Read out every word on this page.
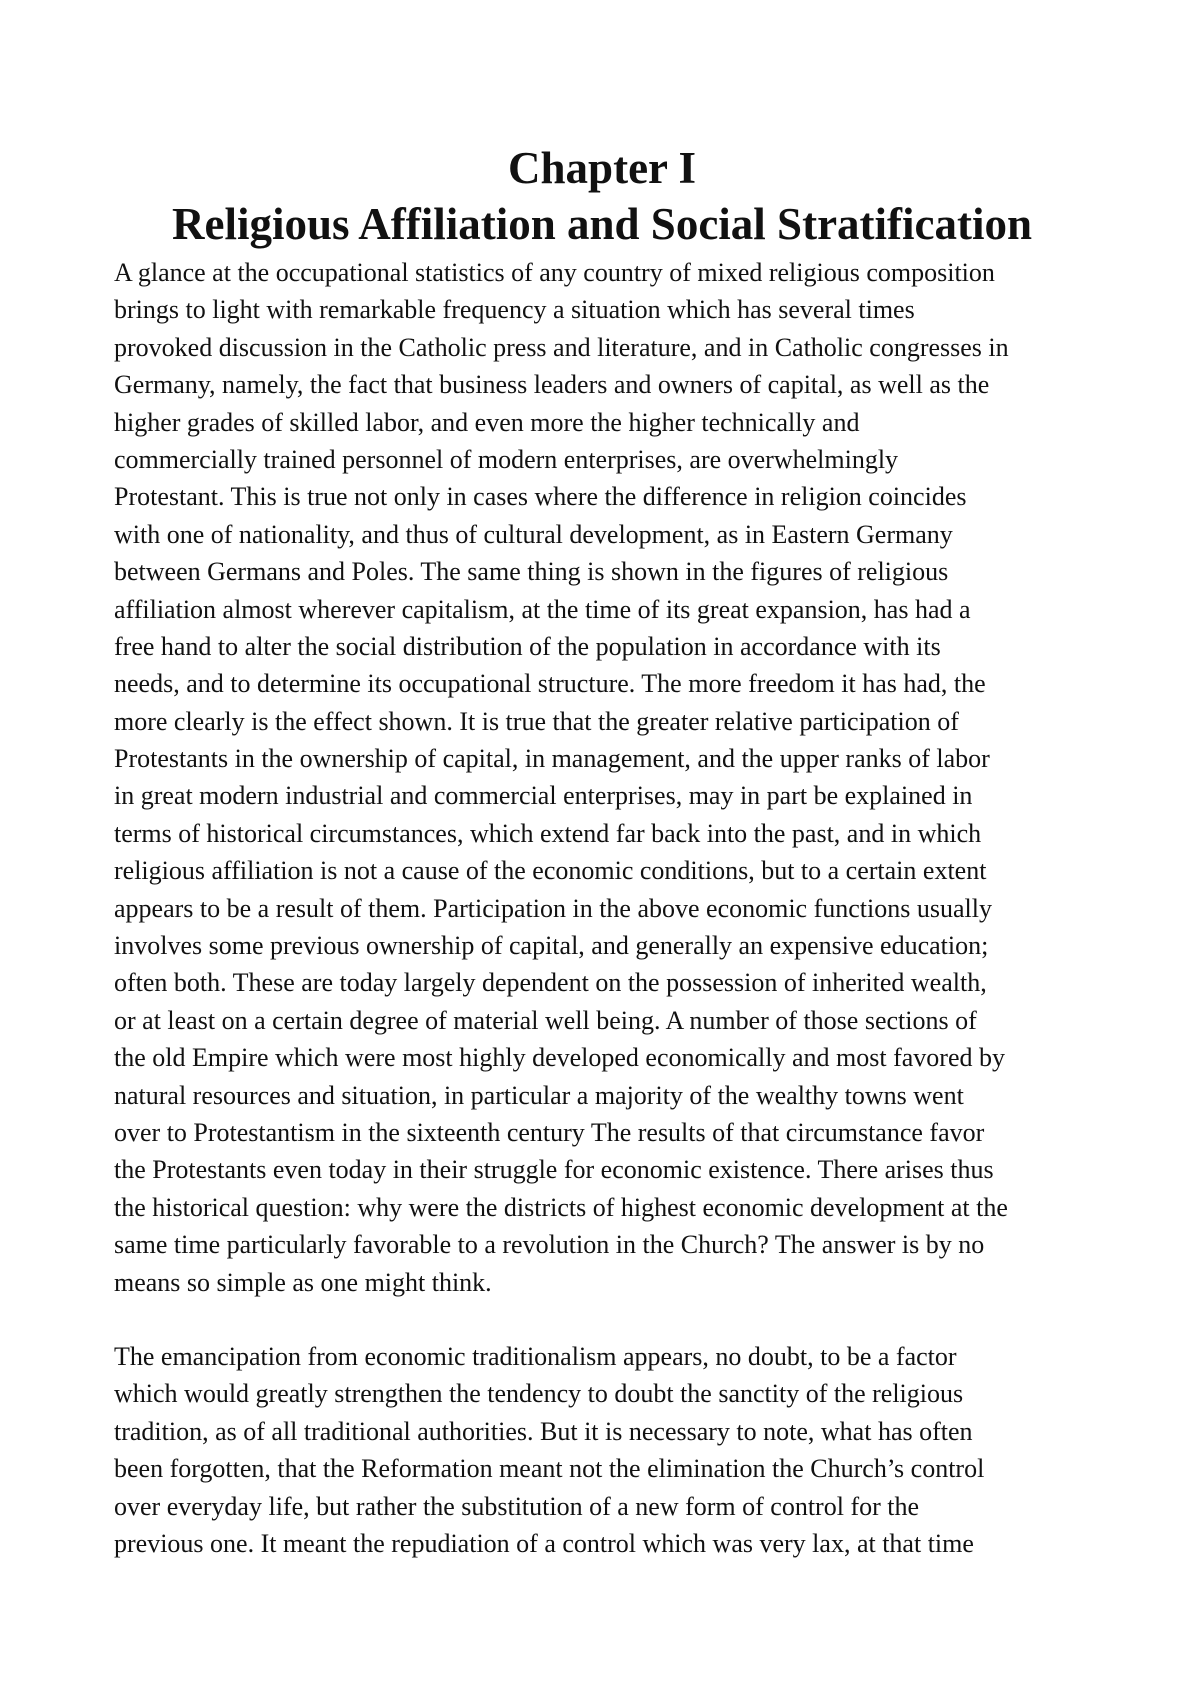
Chapter I
Religious Affiliation and Social Stratification

A glance at the occupational statistics of any country of mixed religious composition
brings to light with remarkable frequency a situation which has several times
provoked discussion in the Catholic press and literature, and in Catholic congresses in
Germany, namely, the fact that business leaders and owners of capital, as well as the
higher grades of skilled labor, and even more the higher technically and
commercially trained personnel of modern enterprises, are overwhelmingly
Protestant. This is true not only in cases where the difference in religion coincides
with one of nationality, and thus of cultural development, as in Eastern Germany
between Germans and Poles. The same thing is shown in the figures of religious
affiliation almost wherever capitalism, at the time of its great expansion, has had a
free hand to alter the social distribution of the population in accordance with its
needs, and to determine its occupational structure. The more freedom it has had, the
more clearly is the effect shown. It is true that the greater relative participation of
Protestants in the ownership of capital, in management, and the upper ranks of labor
in great modern industrial and commercial enterprises, may in part be explained in
terms of historical circumstances, which extend far back into the past, and in which
religious affiliation is not a cause of the economic conditions, but to a certain extent
appears to be a result of them. Participation in the above economic functions usually
involves some previous ownership of capital, and generally an expensive education;
often both. These are today largely dependent on the possession of inherited wealth,
or at least on a certain degree of material well being. A number of those sections of
the old Empire which were most highly developed economically and most favored by
natural resources and situation, in particular a majority of the wealthy towns went
over to Protestantism in the sixteenth century The results of that circumstance favor
the Protestants even today in their struggle for economic existence. There arises thus
the historical question: why were the districts of highest economic development at the
same time particularly favorable to a revolution in the Church? The answer is by no
means so simple as one might think.

The emancipation from economic traditionalism appears, no doubt, to be a factor
which would greatly strengthen the tendency to doubt the sanctity of the religious
tradition, as of all traditional authorities. But it is necessary to note, what has often
been forgotten, that the Reformation meant not the elimination the Church’s control
over everyday life, but rather the substitution of a new form of control for the
previous one. It meant the repudiation of a control which was very lax, at that time
